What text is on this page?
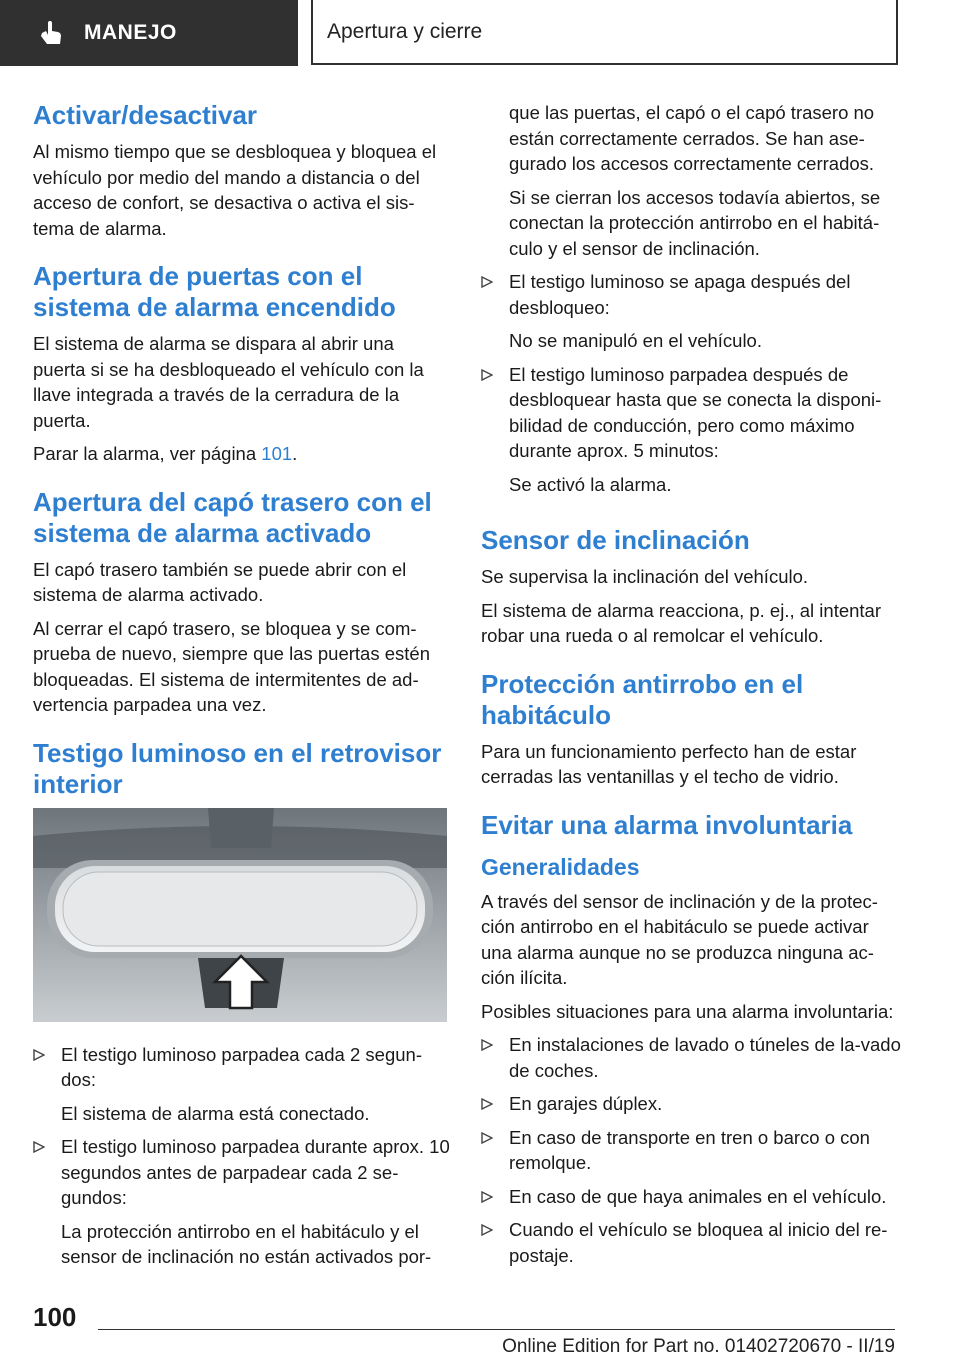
MANEJO	Apertura y cierre
Activar/desactivar

Al mismo tiempo que se desbloquea y bloquea el vehículo por medio del mando a distancia o del acceso de confort, se desactiva o activa el sis-tema de alarma.

Apertura de puertas con el sistema de alarma encendido

El sistema de alarma se dispara al abrir una puerta si se ha desbloqueado el vehículo con la llave integrada a través de la cerradura de la puerta.

Parar la alarma, ver página 101.

Apertura del capó trasero con el sistema de alarma activado

El capó trasero también se puede abrir con el sistema de alarma activado.

Al cerrar el capó trasero, se bloquea y se com-prueba de nuevo, siempre que las puertas estén bloqueadas. El sistema de intermitentes de ad-vertencia parpadea una vez.

Testigo luminoso en el retrovisor interior
El testigo luminoso parpadea cada 2 segun-dos:
El sistema de alarma está conectado.
El testigo luminoso parpadea durante aprox. 10 segundos antes de parpadear cada 2 se-gundos:
La protección antirrobo en el habitáculo y el sensor de inclinación no están activados por-

que las puertas, el capó o el capó trasero no están correctamente cerrados. Se han ase-gurado los accesos correctamente cerrados.

Si se cierran los accesos todavía abiertos, se conectan la protección antirrobo en el habitá-culo y el sensor de inclinación.

El testigo luminoso se apaga después del desbloqueo:
No se manipuló en el vehículo.
El testigo luminoso parpadea después de desbloquear hasta que se conecta la disponi-bilidad de conducción, pero como máximo durante aprox. 5 minutos:
Se activó la alarma.
Sensor de inclinación

Se supervisa la inclinación del vehículo.

El sistema de alarma reacciona, p. ej., al intentar robar una rueda o al remolcar el vehículo.

Protección antirrobo en el habitáculo

Para un funcionamiento perfecto han de estar cerradas las ventanillas y el techo de vidrio.

Evitar una alarma involuntaria
Generalidades

A través del sensor de inclinación y de la protec-ción antirrobo en el habitáculo se puede activar una alarma aunque no se produzca ninguna ac-ción ilícita.

Posibles situaciones para una alarma involuntaria:

En instalaciones de lavado o túneles de la-vado de coches.
En garajes dúplex.
En caso de transporte en tren o barco o con remolque.
En caso de que haya animales en el vehículo.
Cuando el vehículo se bloquea al inicio del re-postaje.
100
Online Edition for Part no. 01402720670 - II/19
